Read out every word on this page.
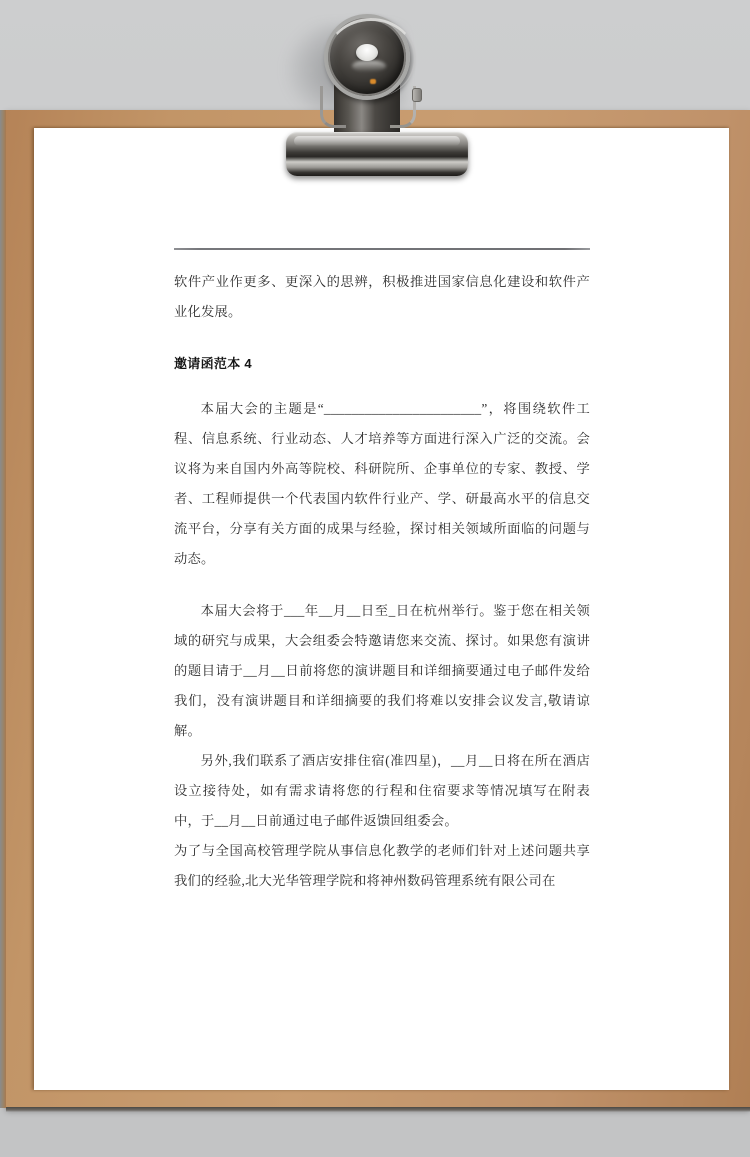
软件产业作更多、更深入的思辨，积极推进国家信息化建设和软件产业化发展。

邀请函范本 4

本届大会的主题是“_______________________”，将围绕软件工程、信息系统、行业动态、人才培养等方面进行深入广泛的交流。会议将为来自国内外高等院校、科研院所、企事单位的专家、教授、学者、工程师提供一个代表国内软件行业产、学、研最高水平的信息交流平台，分享有关方面的成果与经验，探讨相关领域所面临的问题与动态。

本届大会将于___年__月__日至_日在杭州举行。鉴于您在相关领域的研究与成果，大会组委会特邀请您来交流、探讨。如果您有演讲的题目请于__月__日前将您的演讲题目和详细摘要通过电子邮件发给我们，没有演讲题目和详细摘要的我们将难以安排会议发言,敬请谅解。

另外,我们联系了酒店安排住宿(准四星)，__月__日将在所在酒店设立接待处，如有需求请将您的行程和住宿要求等情况填写在附表中，于__月__日前通过电子邮件返馈回组委会。

为了与全国高校管理学院从事信息化教学的老师们针对上述问题共享我们的经验,北大光华管理学院和将神州数码管理系统有限公司在
